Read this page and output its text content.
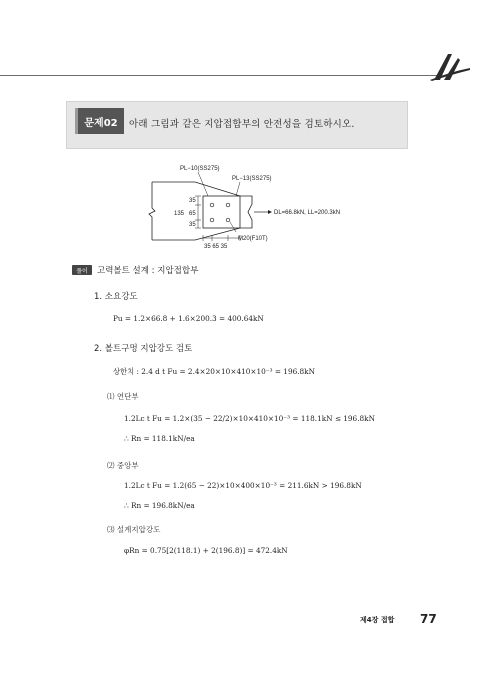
문제02	아래 그림과 같은 지압접합부의 안전성을 검토하시오.
PL−10(SS275)
PL−13(SS275)
35
135 65
35
DL=66.8kN, LL=200.3kN
M20(F10T)
35 65 35
풀이	고력볼트 설계 : 지압접합부
1. 소요강도
Pu = 1.2×66.8 + 1.6×200.3 = 400.64kN
2. 볼트구멍 지압강도 검토
상한치 : 2.4 d t Fu = 2.4×20×10×410×10⁻³ = 196.8kN
⑴ 연단부
1.2Lc t Fu = 1.2×(35 − 22/2)×10×410×10⁻³ = 118.1kN ≤ 196.8kN
∴ Rn = 118.1kN/ea
⑵ 중앙부
1.2Lc t Fu = 1.2(65 − 22)×10×400×10⁻³ = 211.6kN > 196.8kN
∴ Rn = 196.8kN/ea
⑶ 설계지압강도
φRn = 0.75[2(118.1) + 2(196.8)] = 472.4kN
제4장 접합 77
